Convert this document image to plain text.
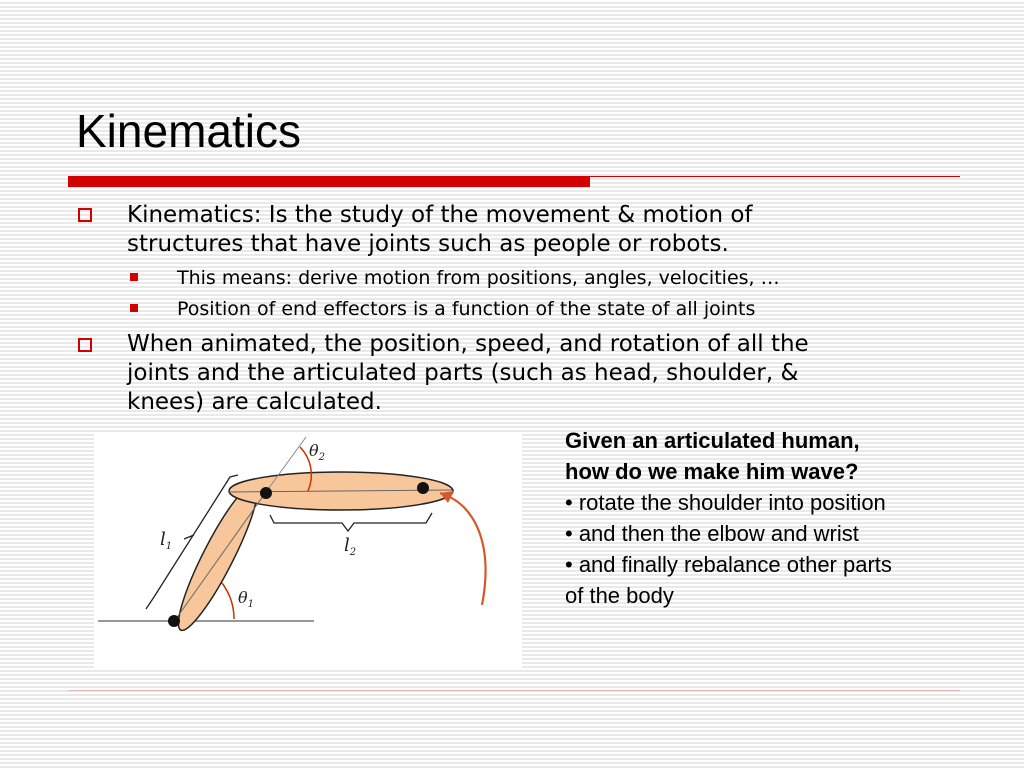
Kinematics
Kinematics: Is the study of the movement & motion of
structures that have joints such as people or robots.
This means: derive motion from positions, angles, velocities, …
Position of end effectors is a function of the state of all joints
When animated, the position, speed, and rotation of all the
joints and the articulated parts (such as head, shoulder, &
knees) are calculated.
$\theta_2$
$\theta_1$
$l_1$	$l_2$
Given an articulated human,
how do we make him wave?
• rotate the shoulder into position
• and then the elbow and wrist
• and finally rebalance other parts
of the body
